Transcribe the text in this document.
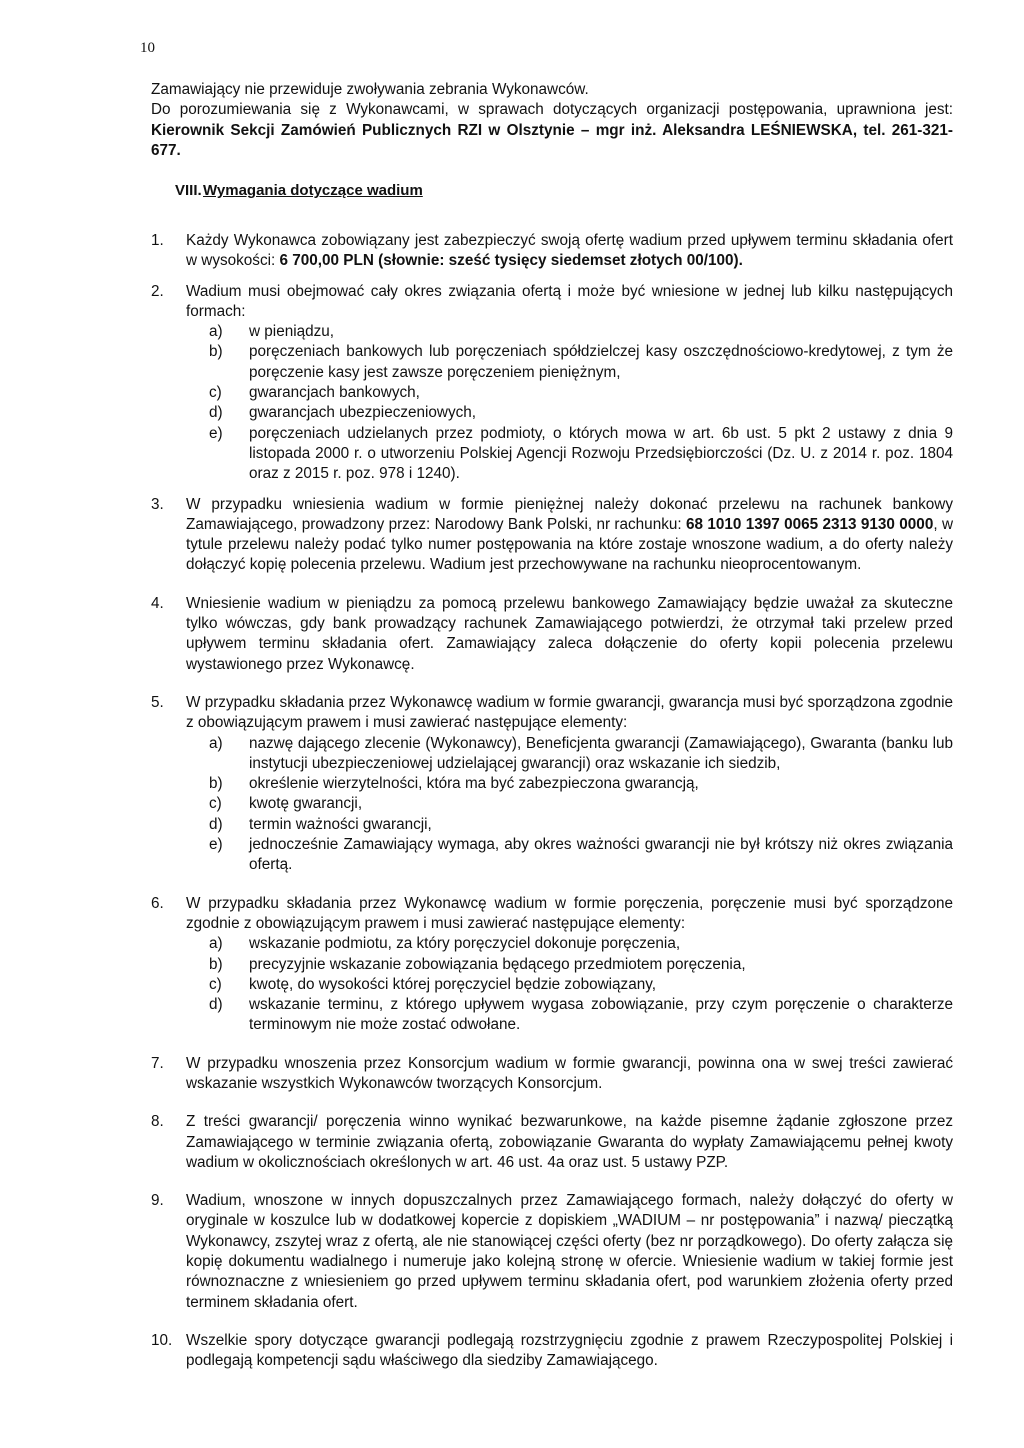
10

Zamawiający nie przewiduje zwoływania zebrania Wykonawców.

Do porozumiewania się z Wykonawcami, w sprawach dotyczących organizacji postępowania, uprawniona jest: Kierownik Sekcji Zamówień Publicznych RZI w Olsztynie – mgr inż. Aleksandra LEŚNIEWSKA, tel. 261-321-677.

VIII.Wymagania dotyczące wadium
1. Każdy Wykonawca zobowiązany jest zabezpieczyć swoją ofertę wadium przed upływem terminu składania ofert w wysokości: 6 700,00 PLN (słownie: sześć tysięcy siedemset złotych 00/100).
2. Wadium musi obejmować cały okres związania ofertą i może być wniesione w jednej lub kilku następujących formach:

a) w pieniądzu,
b) poręczeniach bankowych lub poręczeniach spółdzielczej kasy oszczędnościowo-kredytowej, z tym że poręczenie kasy jest zawsze poręczeniem pieniężnym,
c) gwarancjach bankowych,
d) gwarancjach ubezpieczeniowych,
e) poręczeniach udzielanych przez podmioty, o których mowa w art. 6b ust. 5 pkt 2 ustawy z dnia 9 listopada 2000 r. o utworzeniu Polskiej Agencji Rozwoju Przedsiębiorczości (Dz. U. z 2014 r. poz. 1804 oraz z 2015 r. poz. 978 i 1240).
3. W przypadku wniesienia wadium w formie pieniężnej należy dokonać przelewu na rachunek bankowy Zamawiającego, prowadzony przez: Narodowy Bank Polski, nr rachunku: 68 1010 1397 0065 2313 9130 0000, w tytule przelewu należy podać tylko numer postępowania na które zostaje wnoszone wadium, a do oferty należy dołączyć kopię polecenia przelewu. Wadium jest przechowywane na rachunku nieoprocentowanym.
4. Wniesienie wadium w pieniądzu za pomocą przelewu bankowego Zamawiający będzie uważał za skuteczne tylko wówczas, gdy bank prowadzący rachunek Zamawiającego potwierdzi, że otrzymał taki przelew przed upływem terminu składania ofert. Zamawiający zaleca dołączenie do oferty kopii polecenia przelewu wystawionego przez Wykonawcę.
5. W przypadku składania przez Wykonawcę wadium w formie gwarancji, gwarancja musi być sporządzona zgodnie z obowiązującym prawem i musi zawierać następujące elementy:

a) nazwę dającego zlecenie (Wykonawcy), Beneficjenta gwarancji (Zamawiającego), Gwaranta (banku lub instytucji ubezpieczeniowej udzielającej gwarancji) oraz wskazanie ich siedzib,
b) określenie wierzytelności, która ma być zabezpieczona gwarancją,
c) kwotę gwarancji,
d) termin ważności gwarancji,
e) jednocześnie Zamawiający wymaga, aby okres ważności gwarancji nie był krótszy niż okres związania ofertą.
6. W przypadku składania przez Wykonawcę wadium w formie poręczenia, poręczenie musi być sporządzone zgodnie z obowiązującym prawem i musi zawierać następujące elementy:

a) wskazanie podmiotu, za który poręczyciel dokonuje poręczenia,
b) precyzyjnie wskazanie zobowiązania będącego przedmiotem poręczenia,
c) kwotę, do wysokości której poręczyciel będzie zobowiązany,
d) wskazanie terminu, z którego upływem wygasa zobowiązanie, przy czym poręczenie o charakterze terminowym nie może zostać odwołane.
7. W przypadku wnoszenia przez Konsorcjum wadium w formie gwarancji, powinna ona w swej treści zawierać wskazanie wszystkich Wykonawców tworzących Konsorcjum.
8. Z treści gwarancji/ poręczenia winno wynikać bezwarunkowe, na każde pisemne żądanie zgłoszone przez Zamawiającego w terminie związania ofertą, zobowiązanie Gwaranta do wypłaty Zamawiającemu pełnej kwoty wadium w okolicznościach określonych w art. 46 ust. 4a oraz ust. 5 ustawy PZP.
9. Wadium, wnoszone w innych dopuszczalnych przez Zamawiającego formach, należy dołączyć do oferty w oryginale w koszulce lub w dodatkowej kopercie z dopiskiem „WADIUM – nr postępowania” i nazwą/ pieczątką Wykonawcy, zszytej wraz z ofertą, ale nie stanowiącej części oferty (bez nr porządkowego). Do oferty załącza się kopię dokumentu wadialnego i numeruje jako kolejną stronę w ofercie. Wniesienie wadium w takiej formie jest równoznaczne z wniesieniem go przed upływem terminu składania ofert, pod warunkiem złożenia oferty przed terminem składania ofert.
10. Wszelkie spory dotyczące gwarancji podlegają rozstrzygnięciu zgodnie z prawem Rzeczypospolitej Polskiej i podlegają kompetencji sądu właściwego dla siedziby Zamawiającego.
